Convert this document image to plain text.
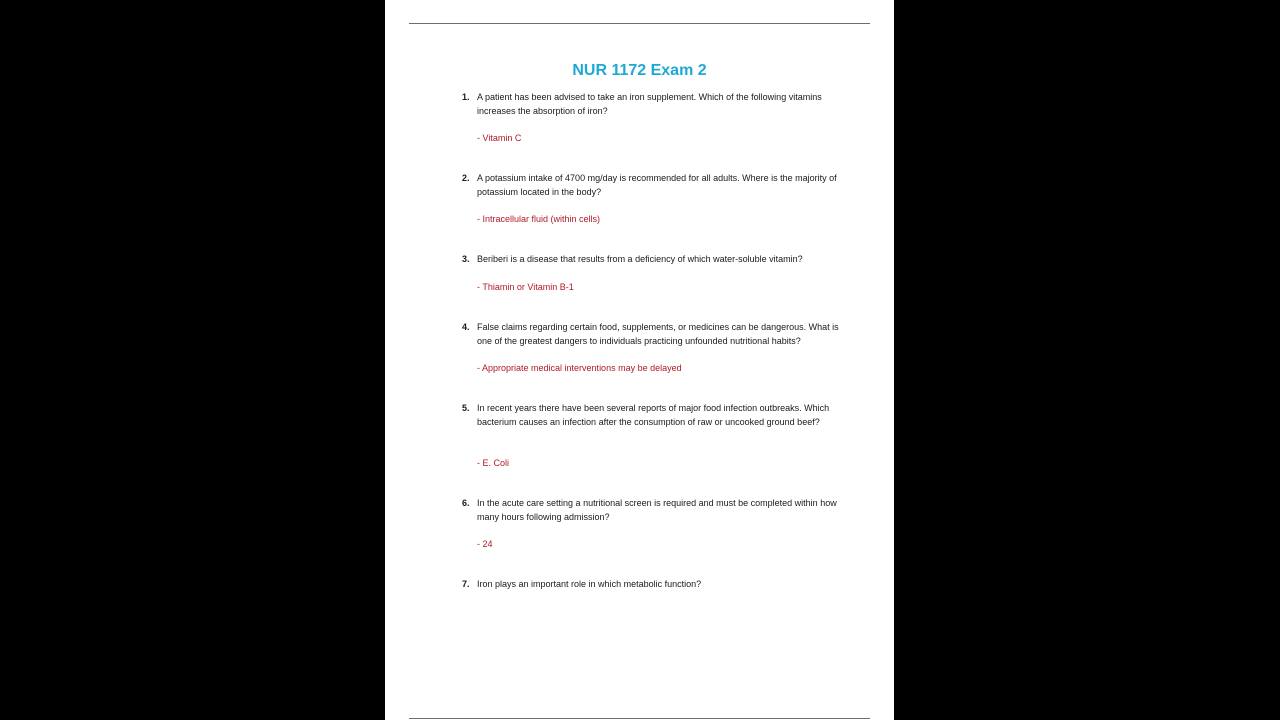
NUR 1172 Exam 2
1. A patient has been advised to take an iron supplement. Which of the following vitamins increases the absorption of iron?
- Vitamin C
2. A potassium intake of 4700 mg/day is recommended for all adults. Where is the majority of potassium located in the body?
- Intracellular fluid (within cells)
3. Beriberi is a disease that results from a deficiency of which water-soluble vitamin?
- Thiamin or Vitamin B-1
4. False claims regarding certain food, supplements, or medicines can be dangerous. What is one of the greatest dangers to individuals practicing unfounded nutritional habits?
- Appropriate medical interventions may be delayed
5. In recent years there have been several reports of major food infection outbreaks. Which bacterium causes an infection after the consumption of raw or uncooked ground beef?
- E. Coli
6. In the acute care setting a nutritional screen is required and must be completed within how many hours following admission?
- 24
7. Iron plays an important role in which metabolic function?
